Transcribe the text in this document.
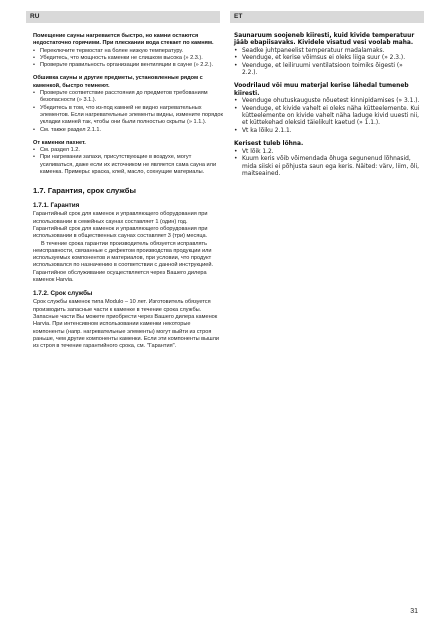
RU	ET
Помещение сауны нагревается быстро, но камни остаются недостаточно горячими. При плескании вода стекает по камням.
• Переключите термостат на более низкую температуру.
• Убедитесь, что мощность каменки не слишком высока (» 2.3.).
• Проверьте правильность организации вентиляции в сауне (» 2.2.).
Обшивка сауны и другие предметы, установленные рядом с каменкой, быстро темнеют.
• Проверьте соответствие расстояния до предметов требованиям безопасности (» 3.1.).
• Убедитесь в том, что из-под камней не видно нагревательных элементов. Если нагревательные элементы видны, измените порядок укладки камней так, чтобы они были полностью скрыты (» 1.1.).
• См. также раздел 2.1.1.
От каменки пахнет.
• См. раздел 1.2.
• При нагревании запахи, присутствующие в воздухе, могут усиливаться, даже если их источником не является сама сауна или каменка. Примеры: краска, клей, масло, сохнущие материалы.
1.7. Гарантия, срок службы
1.7.1. Гарантия

Гарантийный срок для каменок и управляющего оборудования при использовании в семейных саунах составляет 1 (один) год. Гарантийный срок для каменок и управляющего оборудования при использовании в общественных саунах составляет 3 (три) месяца.

В течение срока гарантии производитель обязуется исправлять неисправности, связанные с дефектом производства продукции или используемых компонентов и материалов, при условии, что продукт использовался по назначению в соответствии с данной инструкцией. Гарантийное обслуживание осуществляется через Вашего дилера каменок Harvia.

1.7.2. Срок службы

Срок службы каменок типа Modulo – 10 лет. Изготовитель обязуется производить запасные части к каменке в течение срока службы. Запасные части Вы можете приобрести через Вашего дилера каменок Harvia. При интенсивном использовании каменки некоторые компоненты (напр. нагревательные элементы) могут выйти из строя раньше, чем другие компоненты каменки. Если эти компоненты вышли из строя в течение гарантийного срока, см. "Гарантия".

Saunaruum soojeneb kiiresti, kuid kivide temperatuur jääb ebapiisavaks. Kividele visatud vesi voolab maha.
• Seadke juhtpaneelist temperatuur madalamaks.
• Veenduge, et kerise võimsus ei oleks liiga suur (» 2.3.).
• Veenduge, et leiliruumi ventilatsioon toimiks õigesti (» 2.2.).
Voodrilaud või muu materjal kerise lähedal tumeneb kiiresti.
• Veenduge ohutuskauguste nõuetest kinnipidamises (» 3.1.).
• Veenduge, et kivide vahelt ei oleks näha kütteelemente. Kui kütteelemente on kivide vahelt näha laduge kivid uuesti nii, et küttekehad oleksid täielikult kaetud (» 1.1.).
• Vt ka lõiku 2.1.1.
Kerisest tuleb lõhna.
• Vt lõik 1.2.
• Kuum keris võib võimendada õhuga segunenud lõhnasid, mida siiski ei põhjusta saun ega keris. Näited: värv, liim, õli, maitseained.
31
